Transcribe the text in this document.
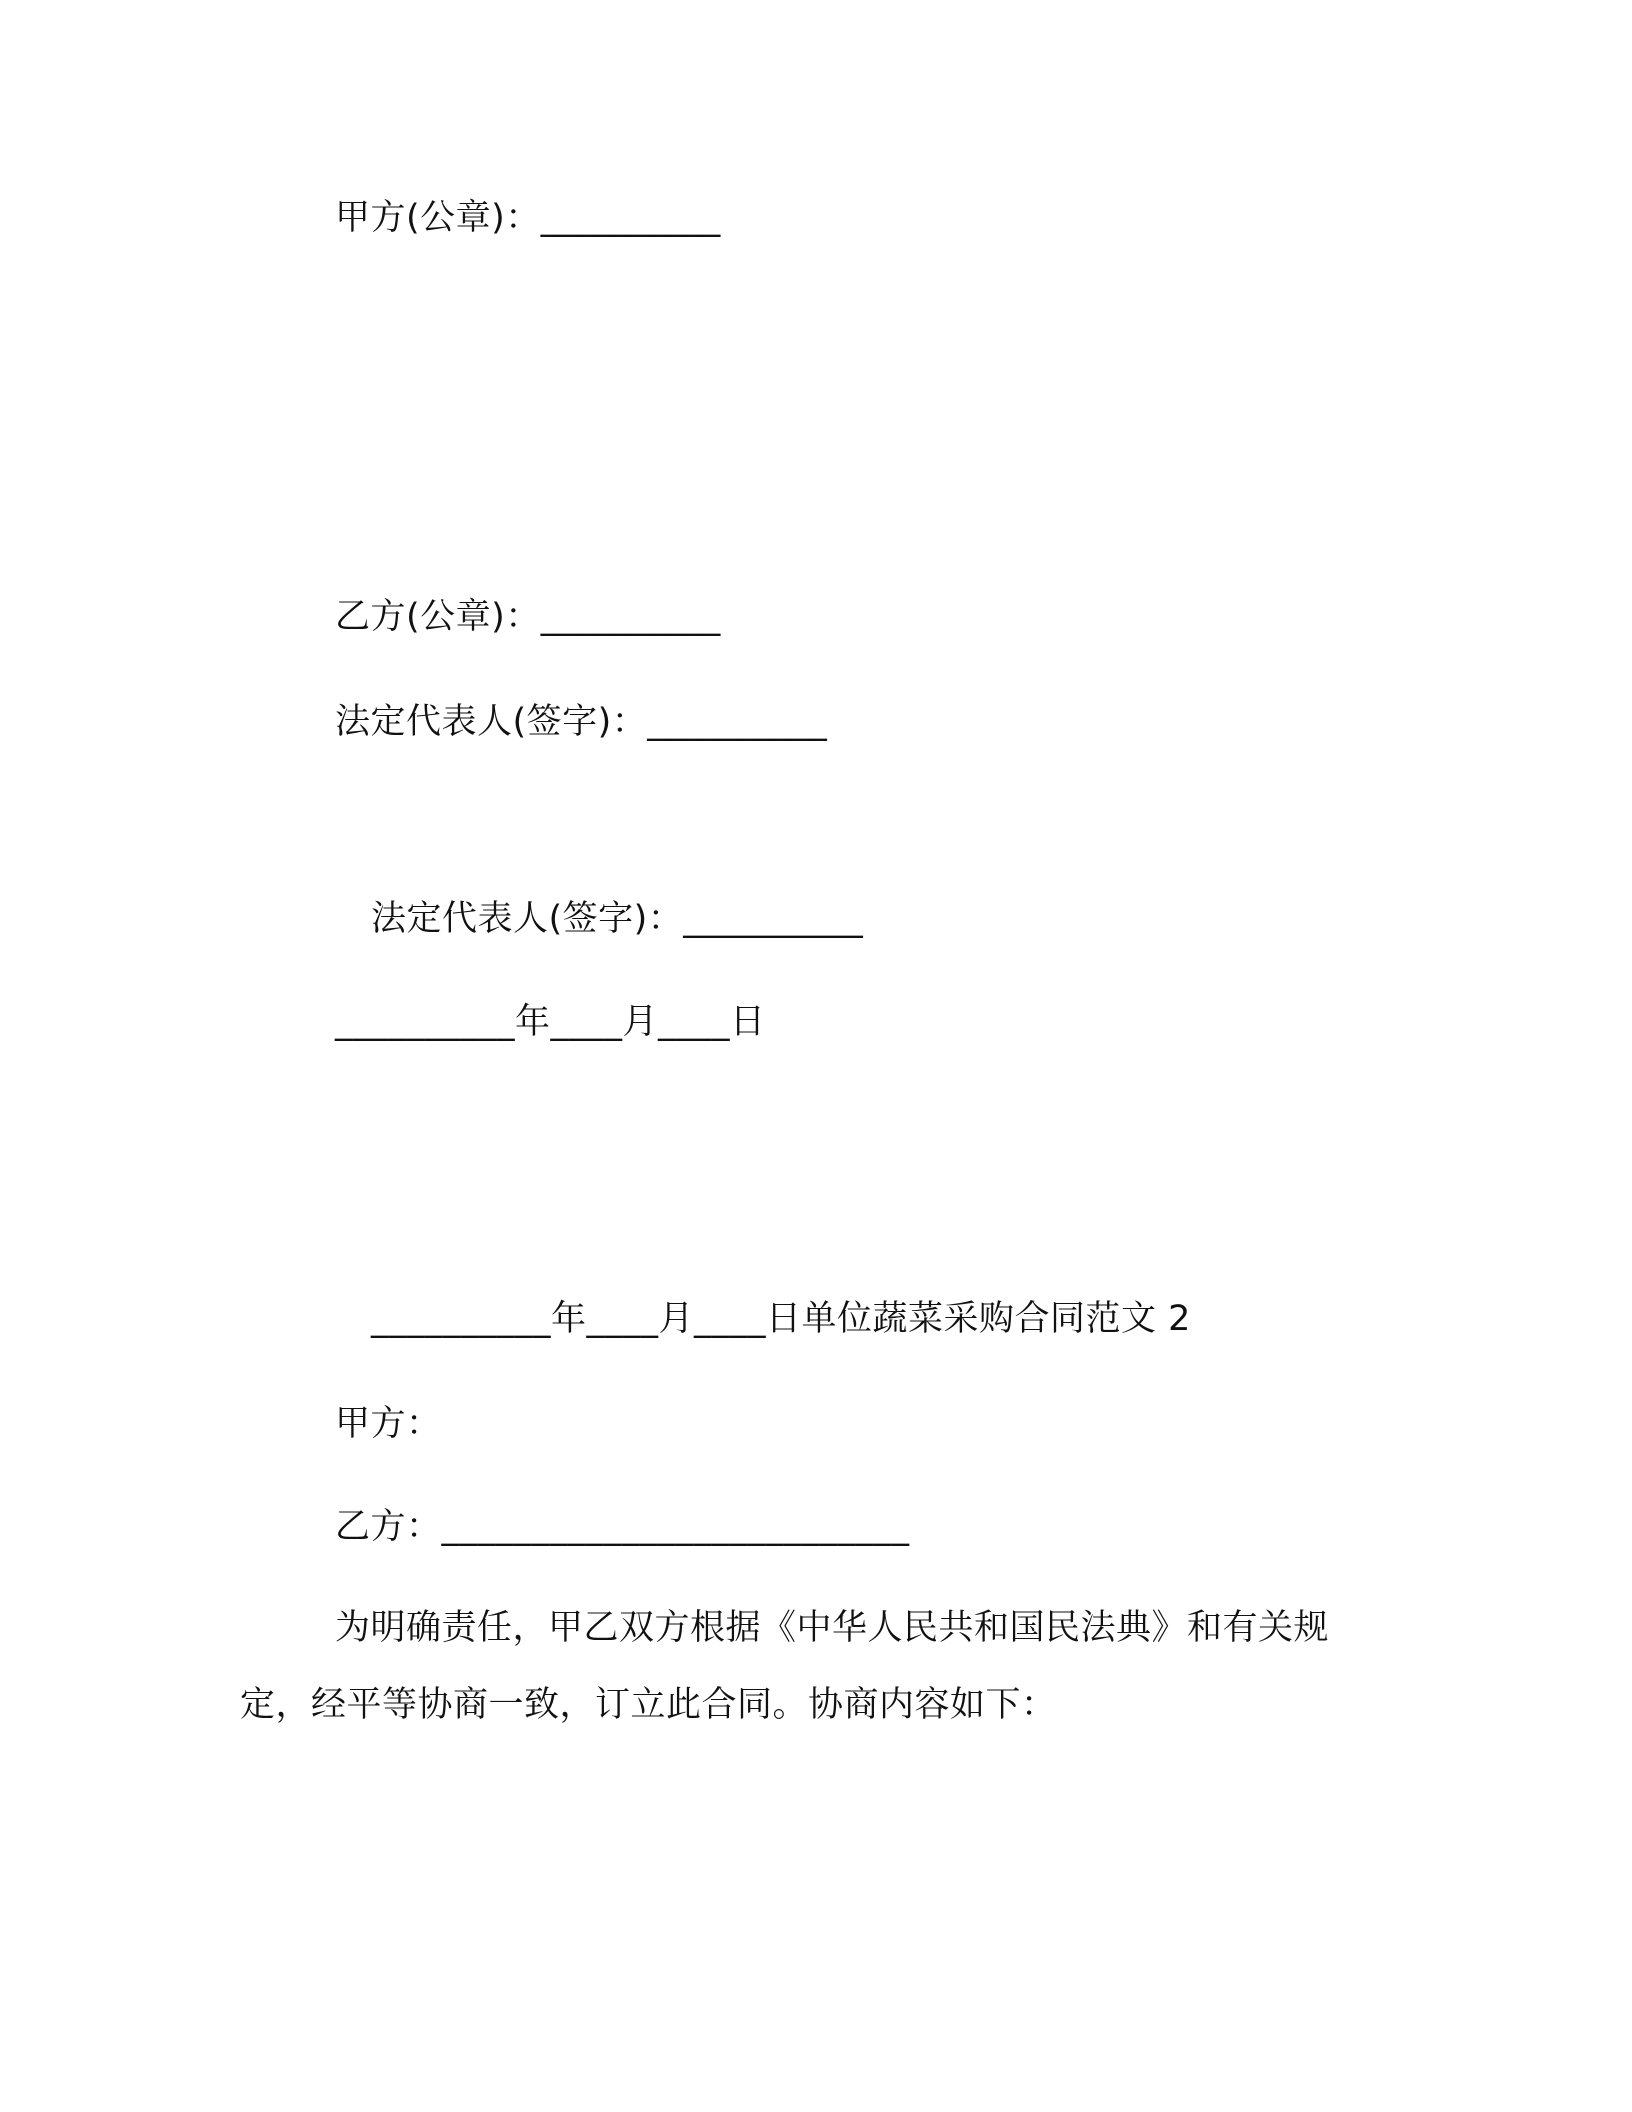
甲方(公章)：__________
乙方(公章)：__________
法定代表人(签字)：__________
法定代表人(签字)：__________
__________年____月____日
__________年____月____日单位蔬菜采购合同范文 2
甲方：
乙方：__________________________
为明确责任，甲乙双方根据《中华人民共和国民法典》和有关规
定，经平等协商一致，订立此合同。协商内容如下：
